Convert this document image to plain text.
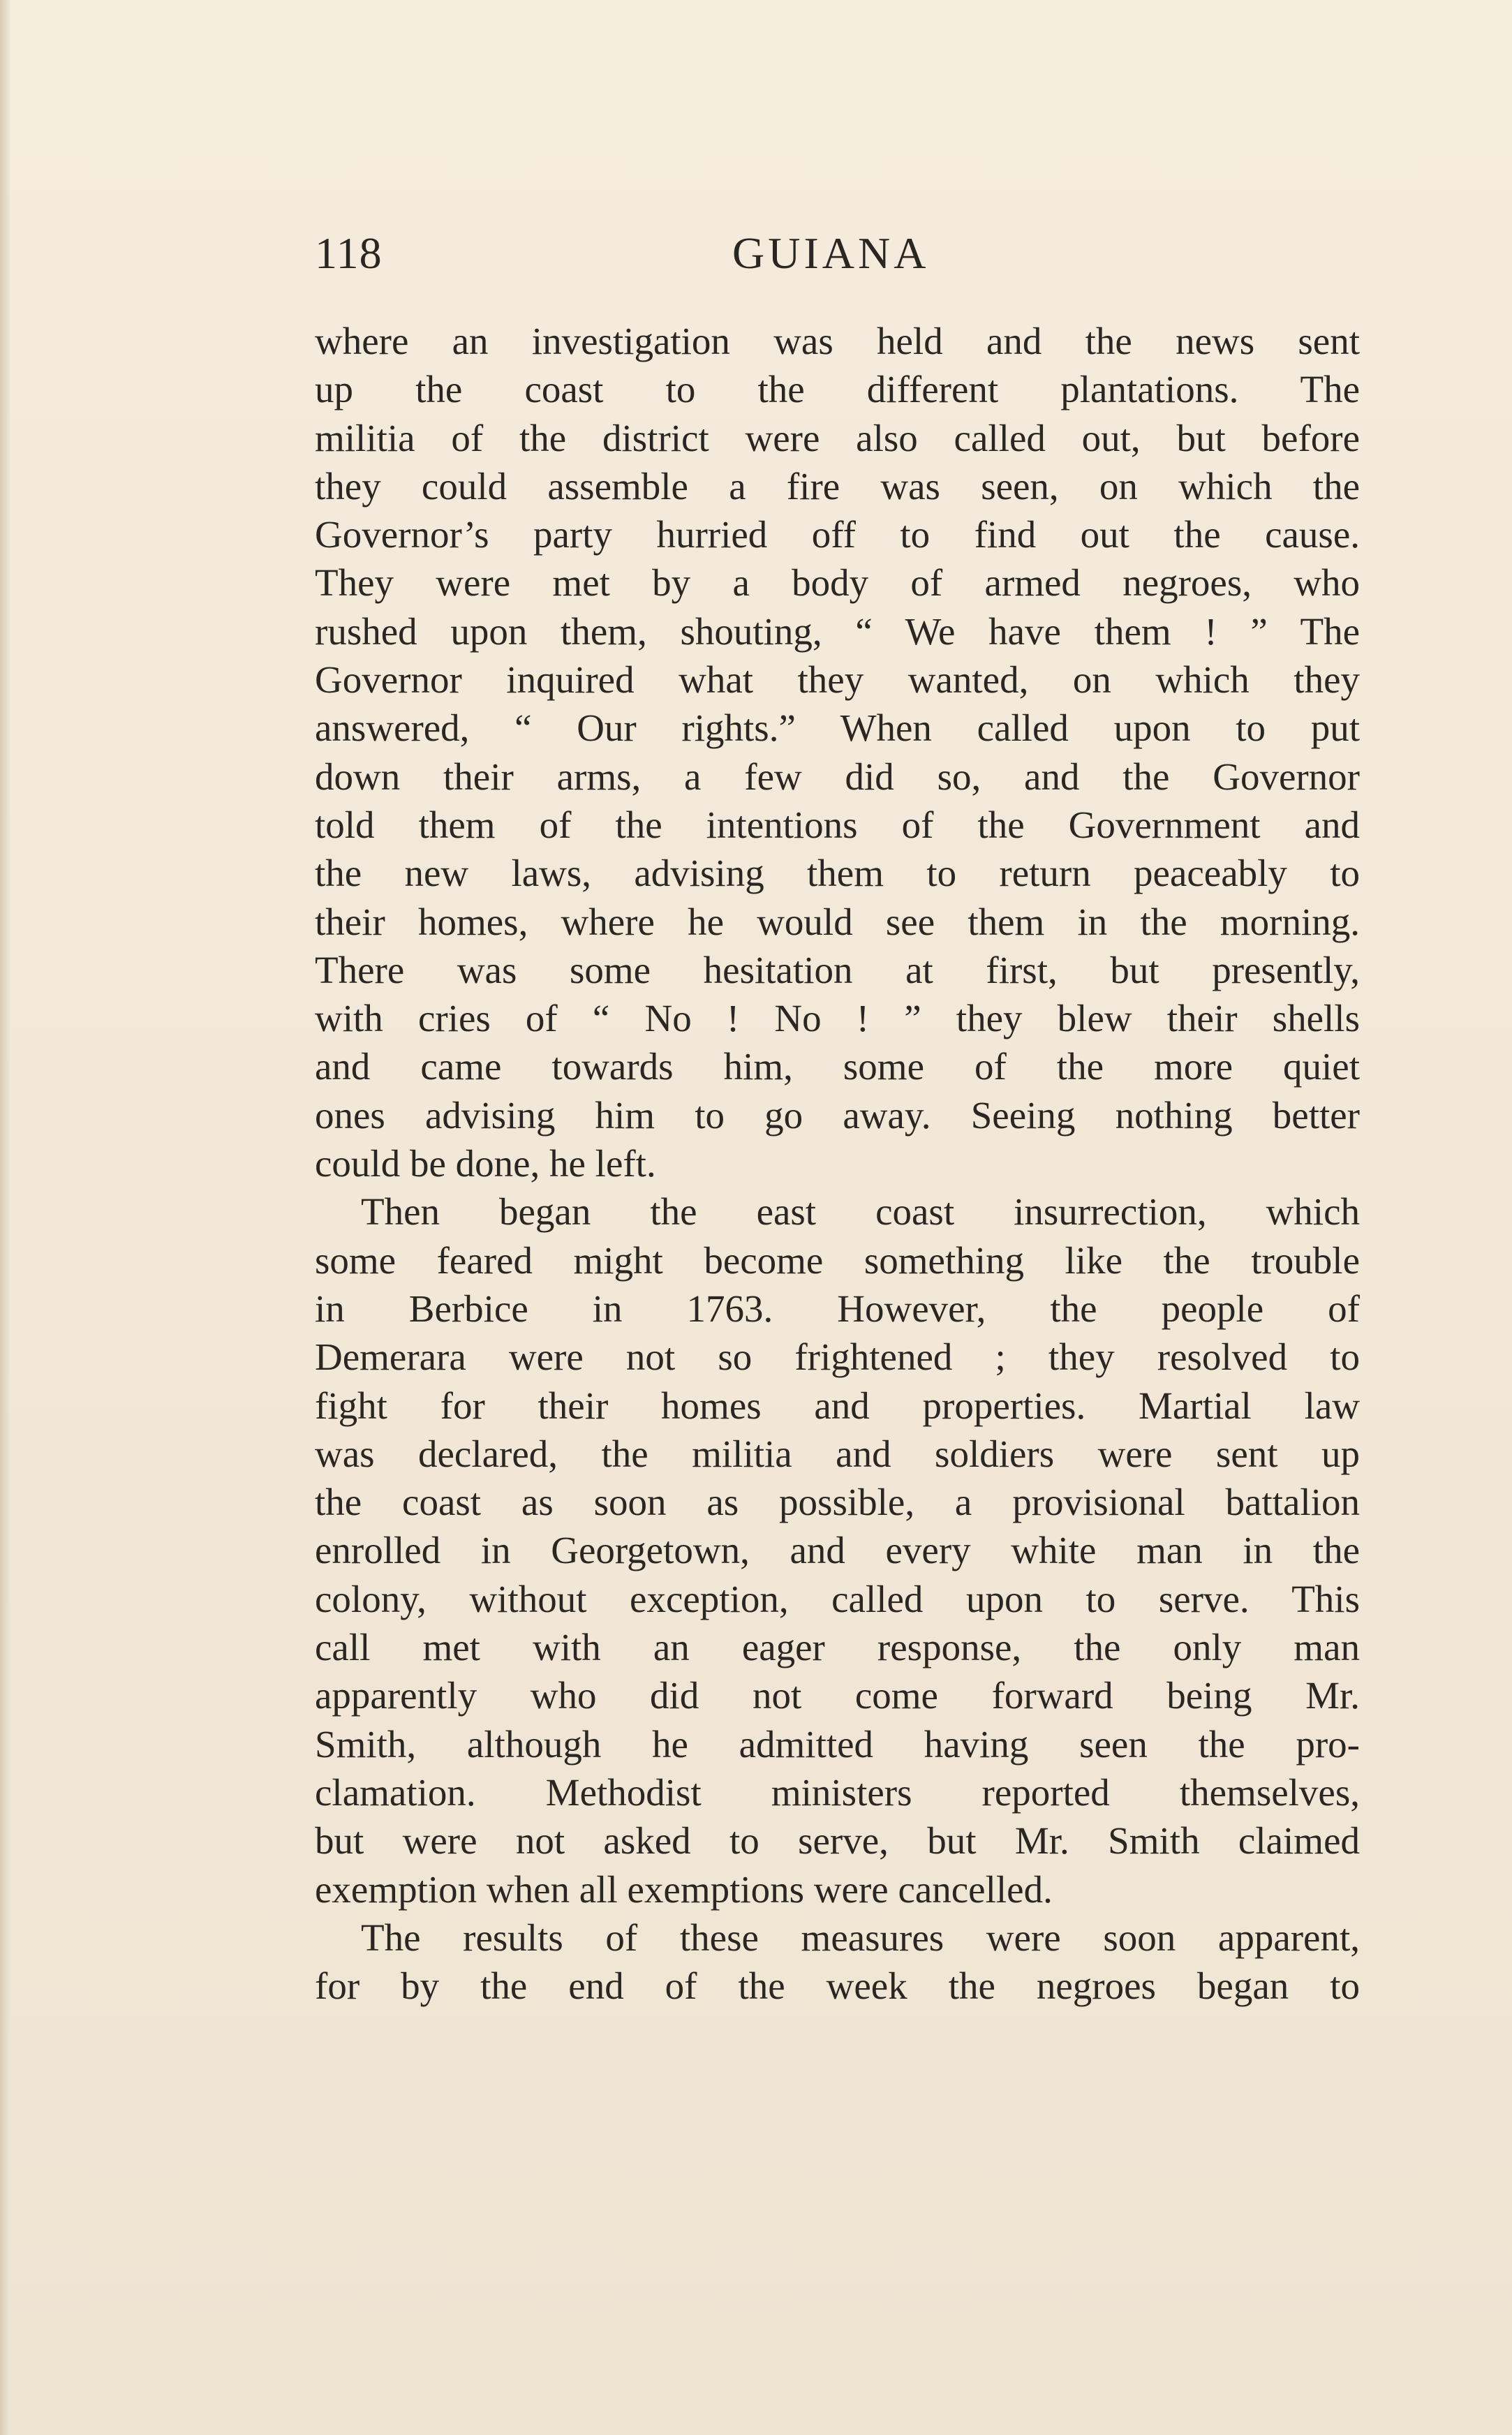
118	GUIANA
where an investigation was held and the news sent
up the coast to the different plantations. The
militia of the district were also called out, but before
they could assemble a fire was seen, on which the
Governor’s party hurried off to find out the cause.
They were met by a body of armed negroes, who
rushed upon them, shouting, “ We have them ! ” The
Governor inquired what they wanted, on which they
answered, “ Our rights.” When called upon to put
down their arms, a few did so, and the Governor
told them of the intentions of the Government and
the new laws, advising them to return peaceably to
their homes, where he would see them in the morning.
There was some hesitation at first, but presently,
with cries of “ No ! No ! ” they blew their shells
and came towards him, some of the more quiet
ones advising him to go away. Seeing nothing better
could be done, he left.
Then began the east coast insurrection, which
some feared might become something like the trouble
in Berbice in 1763. However, the people of
Demerara were not so frightened ; they resolved to
fight for their homes and properties. Martial law
was declared, the militia and soldiers were sent up
the coast as soon as possible, a provisional battalion
enrolled in Georgetown, and every white man in the
colony, without exception, called upon to serve. This
call met with an eager response, the only man
apparently who did not come forward being Mr.
Smith, although he admitted having seen the pro-
clamation. Methodist ministers reported themselves,
but were not asked to serve, but Mr. Smith claimed
exemption when all exemptions were cancelled.
The results of these measures were soon apparent,
for by the end of the week the negroes began to
